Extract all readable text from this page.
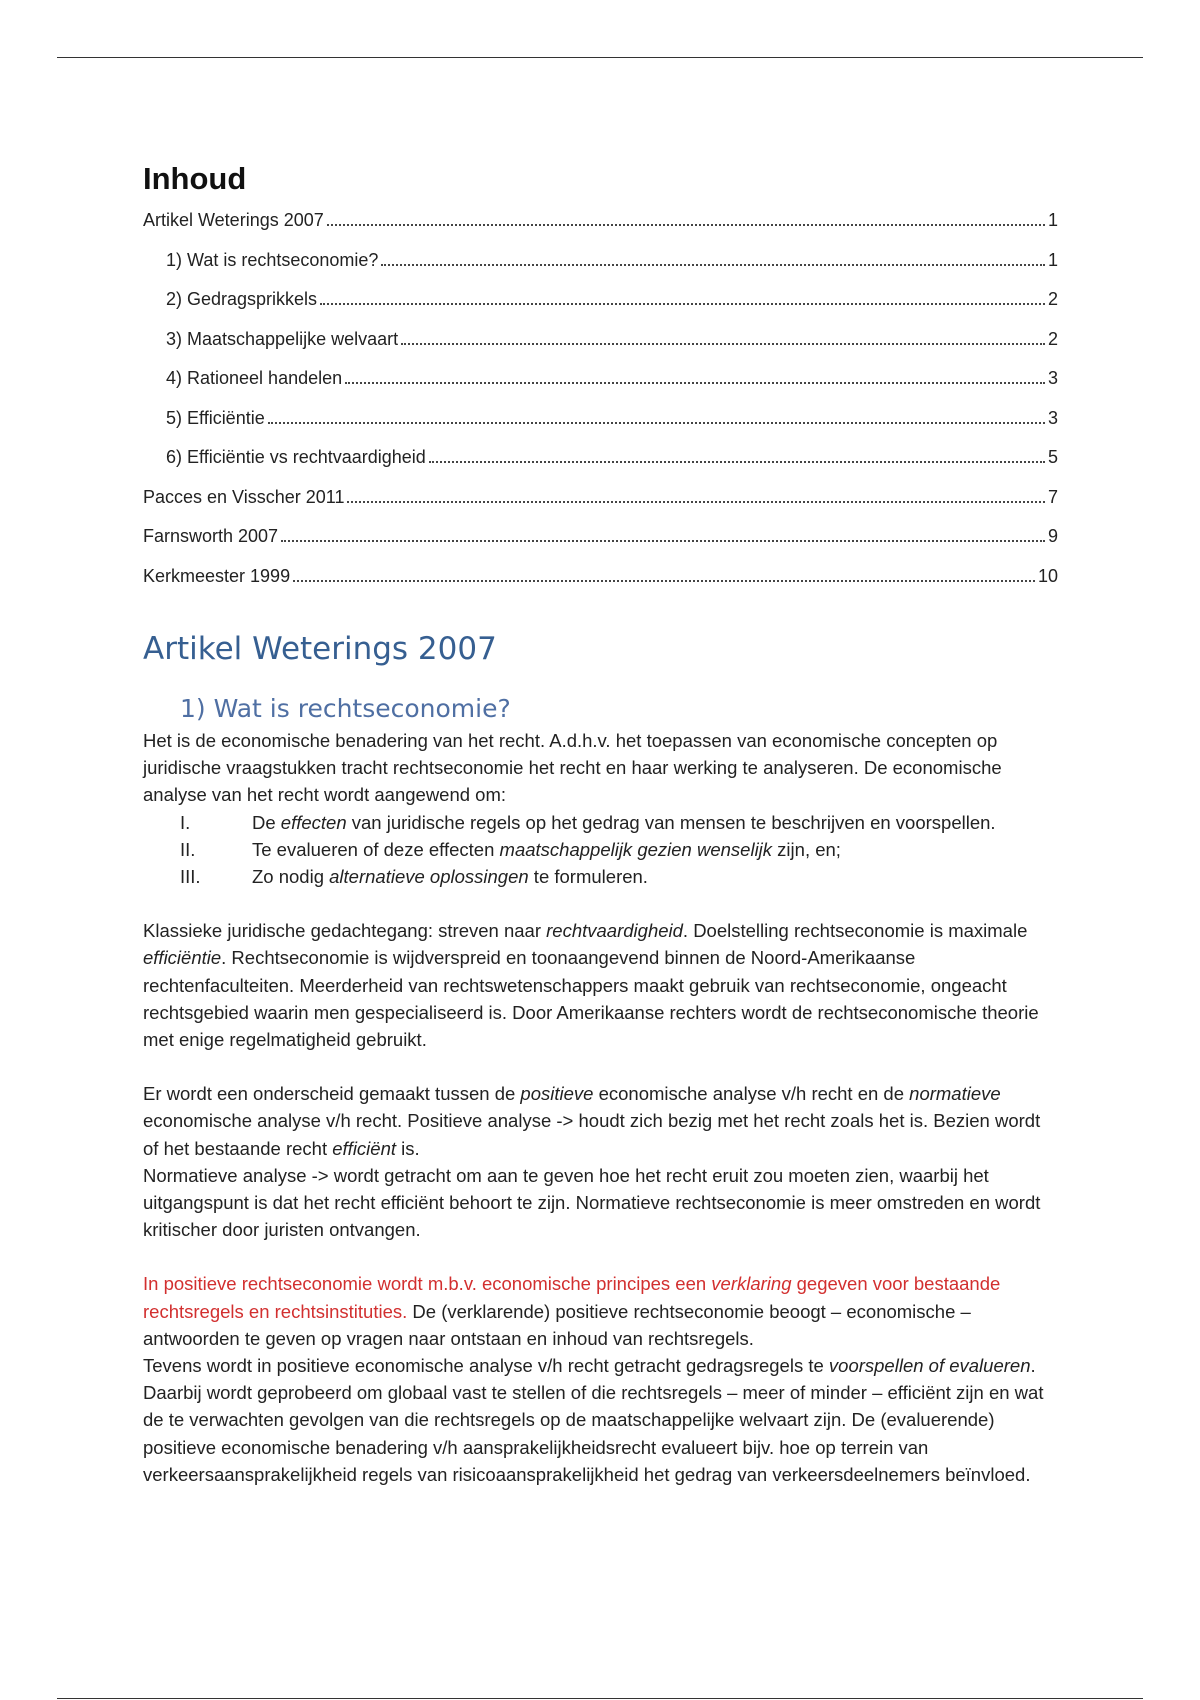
Inhoud
Artikel Weterings 2007	1
1) Wat is rechtseconomie?	1
2) Gedragsprikkels	2
3) Maatschappelijke welvaart	2
4) Rationeel handelen	3
5) Efficiëntie	3
6) Efficiëntie vs rechtvaardigheid	5
Pacces en Visscher 2011	7
Farnsworth 2007	9
Kerkmeester 1999	10
Artikel Weterings 2007
1) Wat is rechtseconomie?

Het is de economische benadering van het recht. A.d.h.v. het toepassen van economische concepten op juridische vraagstukken tracht rechtseconomie het recht en haar werking te analyseren. De economische analyse van het recht wordt aangewend om:

I.	De effecten van juridische regels op het gedrag van mensen te beschrijven en voorspellen.
II.	Te evalueren of deze effecten maatschappelijk gezien wenselijk zijn, en;
III.	Zo nodig alternatieve oplossingen te formuleren.

Klassieke juridische gedachtegang: streven naar rechtvaardigheid. Doelstelling rechtseconomie is maximale efficiëntie. Rechtseconomie is wijdverspreid en toonaangevend binnen de Noord-Amerikaanse rechtenfaculteiten. Meerderheid van rechtswetenschappers maakt gebruik van rechtseconomie, ongeacht rechtsgebied waarin men gespecialiseerd is. Door Amerikaanse rechters wordt de rechtseconomische theorie met enige regelmatigheid gebruikt.

Er wordt een onderscheid gemaakt tussen de positieve economische analyse v/h recht en de normatieve economische analyse v/h recht. Positieve analyse -> houdt zich bezig met het recht zoals het is. Bezien wordt of het bestaande recht efficiënt is.

Normatieve analyse -> wordt getracht om aan te geven hoe het recht eruit zou moeten zien, waarbij het uitgangspunt is dat het recht efficiënt behoort te zijn. Normatieve rechtseconomie is meer omstreden en wordt kritischer door juristen ontvangen.

In positieve rechtseconomie wordt m.b.v. economische principes een verklaring gegeven voor bestaande rechtsregels en rechtsinstituties. De (verklarende) positieve rechtseconomie beoogt – economische – antwoorden te geven op vragen naar ontstaan en inhoud van rechtsregels.

Tevens wordt in positieve economische analyse v/h recht getracht gedragsregels te voorspellen of evalueren. Daarbij wordt geprobeerd om globaal vast te stellen of die rechtsregels – meer of minder – efficiënt zijn en wat de te verwachten gevolgen van die rechtsregels op de maatschappelijke welvaart zijn. De (evaluerende) positieve economische benadering v/h aansprakelijkheidsrecht evalueert bijv. hoe op terrein van verkeersaansprakelijkheid regels van risicoaansprakelijkheid het gedrag van verkeersdeelnemers beïnvloed.
